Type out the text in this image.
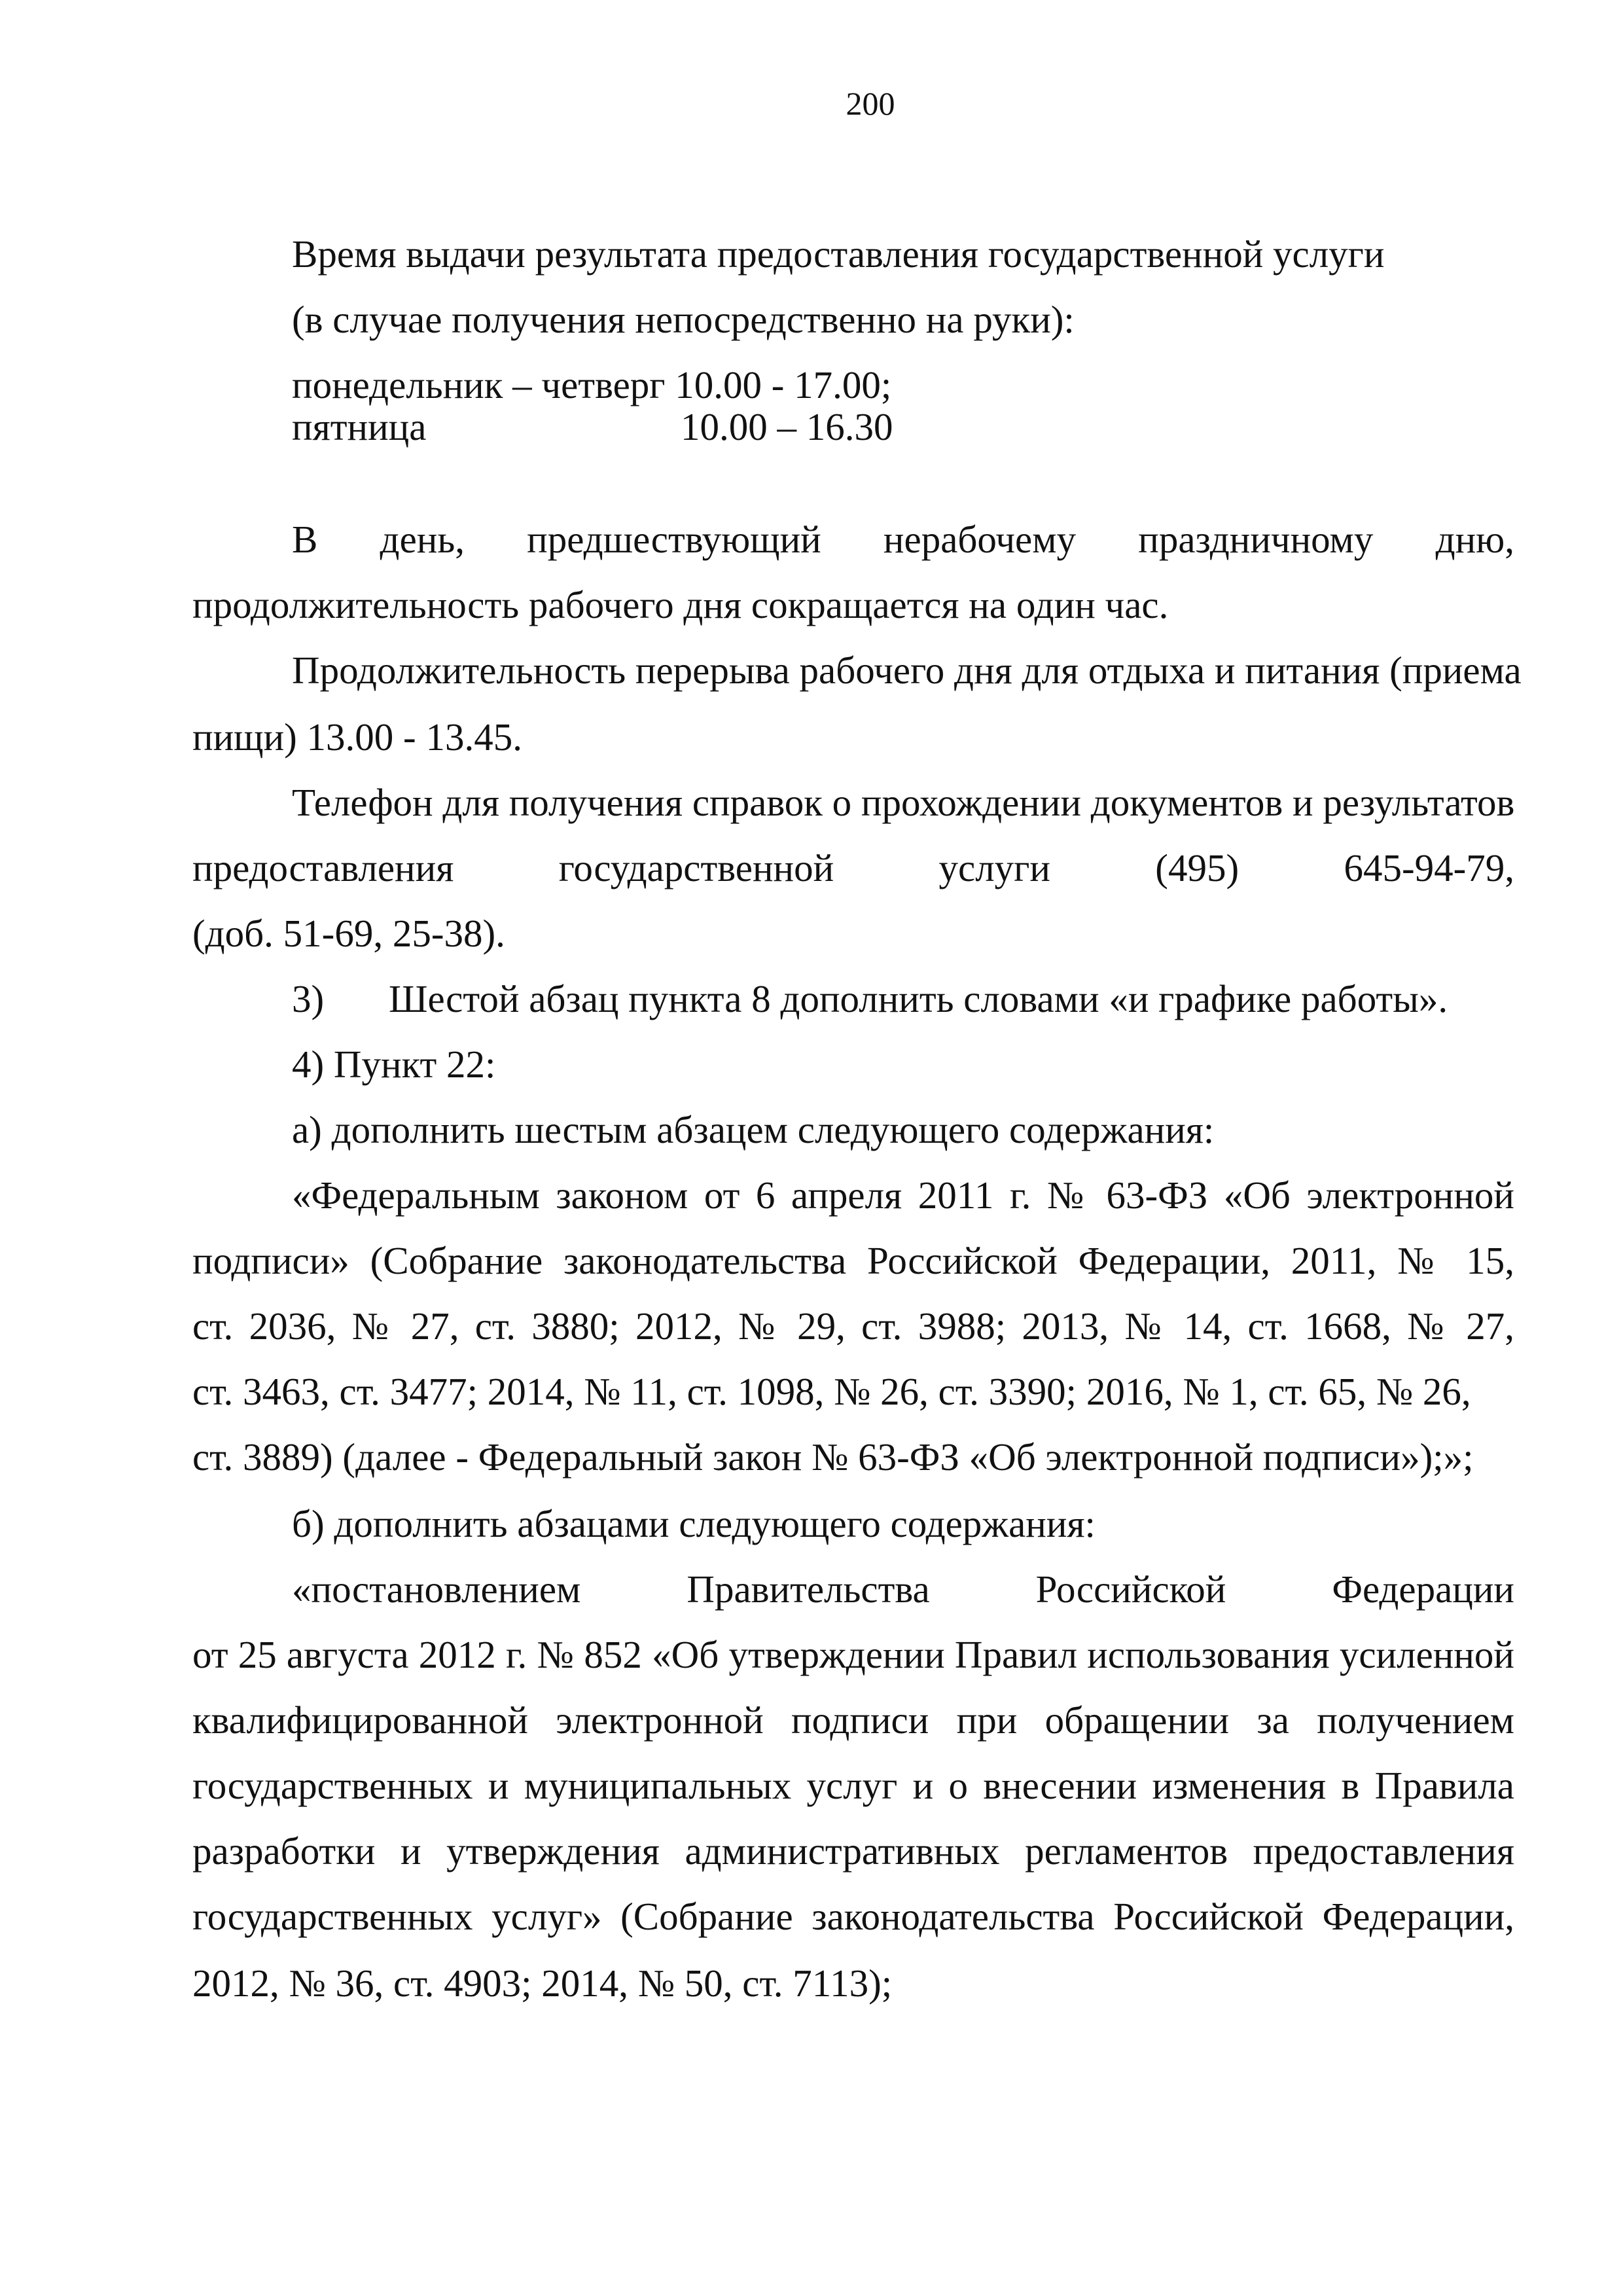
200
Время выдачи результата предоставления государственной услуги
(в случае получения непосредственно на руки):
понедельник – четверг 10.00 - 17.00;
пятница	10.00 – 16.30
В день, предшествующий нерабочему праздничному дню,
продолжительность рабочего дня сокращается на один час.
Продолжительность перерыва рабочего дня для отдыха и питания (приема
пищи) 13.00 - 13.45.
Телефон для получения справок о прохождении документов и результатов
предоставления государственной услуги (495) 645-94-79,
(доб. 51-69, 25-38).
3) Шестой абзац пункта 8 дополнить словами «и графике работы».
4) Пункт 22:
а) дополнить шестым абзацем следующего содержания:
«Федеральным законом от 6 апреля 2011 г. № 63-ФЗ «Об электронной
подписи» (Собрание законодательства Российской Федерации, 2011, № 15,
ст. 2036, № 27, ст. 3880; 2012, № 29, ст. 3988; 2013, № 14, ст. 1668, № 27,
ст. 3463, ст. 3477; 2014, № 11, ст. 1098, № 26, ст. 3390; 2016, № 1, ст. 65, № 26,
ст. 3889) (далее - Федеральный закон № 63-ФЗ «Об электронной подписи»);»;
б) дополнить абзацами следующего содержания:
«постановлением Правительства Российской Федерации
от 25 августа 2012 г. № 852 «Об утверждении Правил использования усиленной
квалифицированной электронной подписи при обращении за получением
государственных и муниципальных услуг и о внесении изменения в Правила
разработки и утверждения административных регламентов предоставления
государственных услуг» (Собрание законодательства Российской Федерации,
2012, № 36, ст. 4903; 2014, № 50, ст. 7113);
